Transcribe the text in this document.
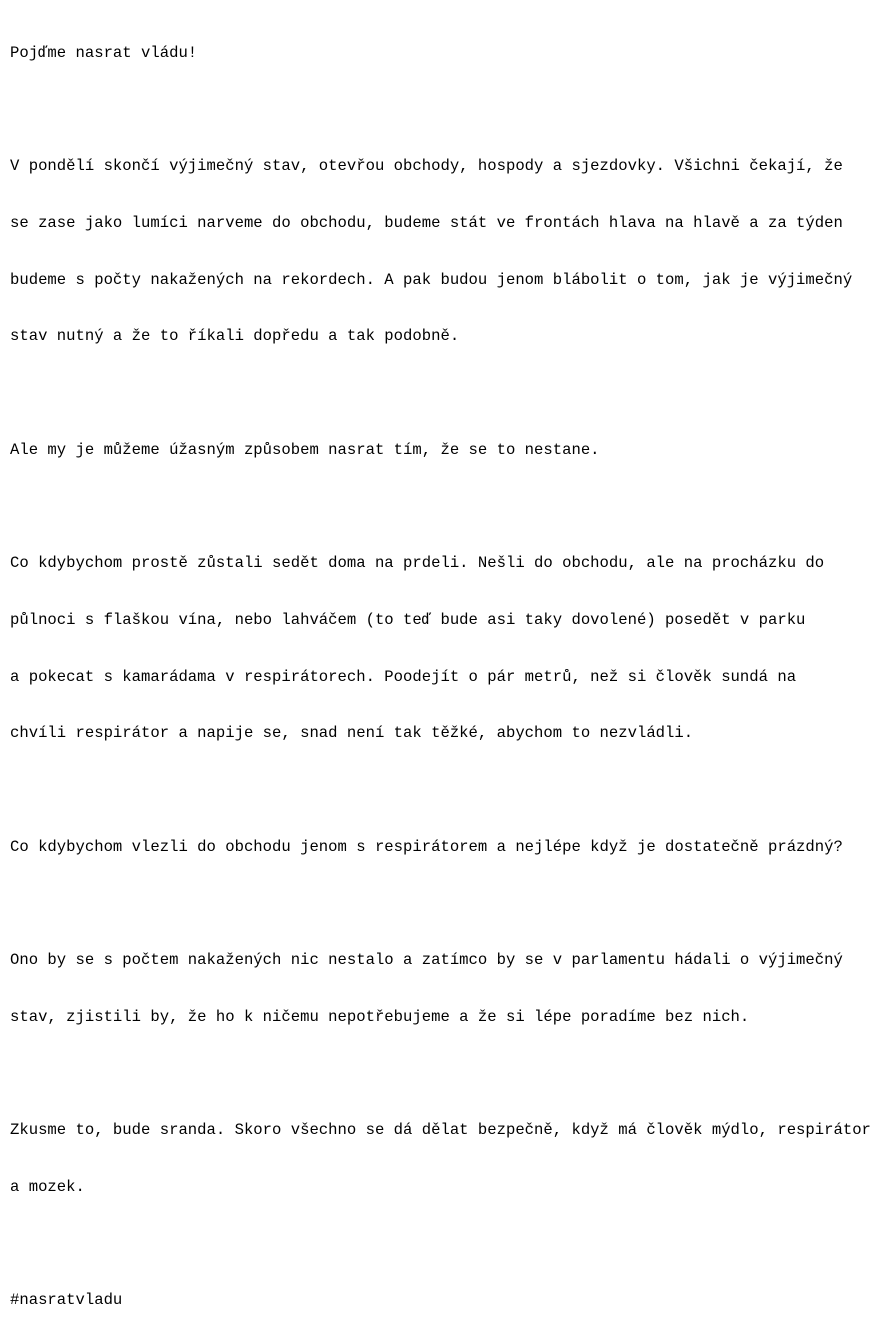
Pojďme nasrat vládu!

V pondělí skončí výjimečný stav, otevřou obchody, hospody a sjezdovky. Všichni čekají, že

se zase jako lumíci narveme do obchodu, budeme stát ve frontách hlava na hlavě a za týden

budeme s počty nakažených na rekordech. A pak budou jenom blábolit o tom, jak je výjimečný

stav nutný a že to říkali dopředu a tak podobně.

Ale my je můžeme úžasným způsobem nasrat tím, že se to nestane.

Co kdybychom prostě zůstali sedět doma na prdeli. Nešli do obchodu, ale na procházku do

půlnoci s flaškou vína, nebo lahváčem (to teď bude asi taky dovolené) posedět v parku

a pokecat s kamarádama v respirátorech. Poodejít o pár metrů, než si člověk sundá na

chvíli respirátor a napije se, snad není tak těžké, abychom to nezvládli.

Co kdybychom vlezli do obchodu jenom s respirátorem a nejlépe když je dostatečně prázdný?

Ono by se s počtem nakažených nic nestalo a zatímco by se v parlamentu hádali o výjimečný

stav, zjistili by, že ho k ničemu nepotřebujeme a že si lépe poradíme bez nich.

Zkusme to, bude sranda. Skoro všechno se dá dělat bezpečně, když má člověk mýdlo, respirátor

a mozek.

#nasratvladu
